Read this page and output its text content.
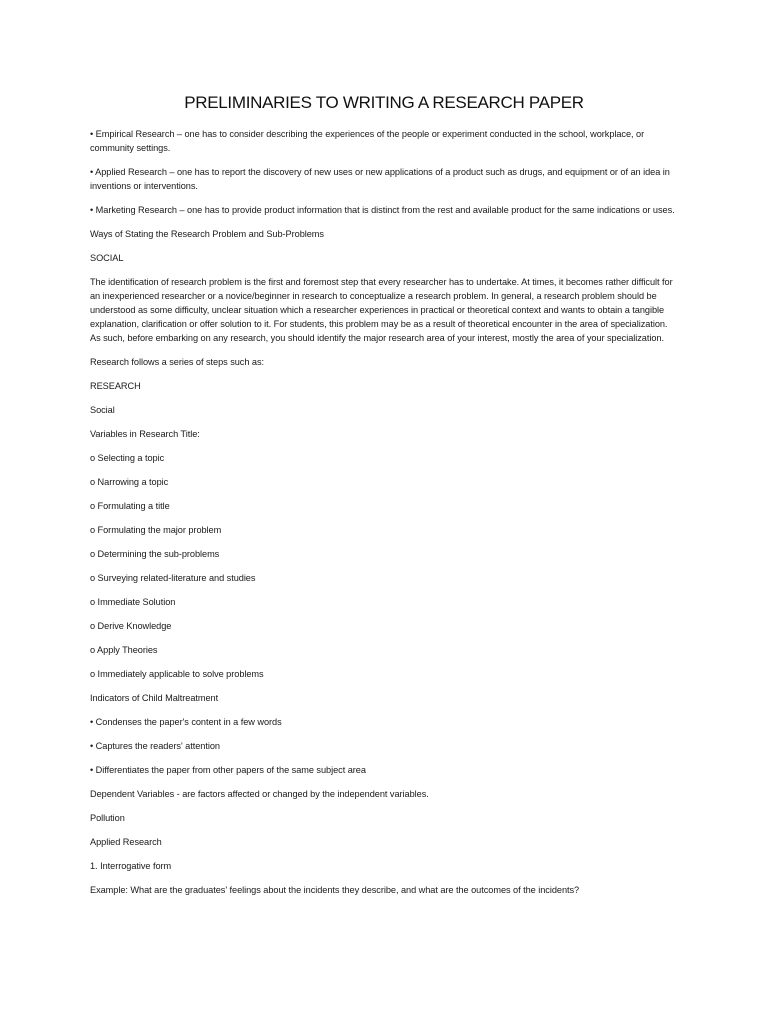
PRELIMINARIES TO WRITING A RESEARCH PAPER

• Empirical Research – one has to consider describing the experiences of the people or experiment conducted in the school, workplace, or community settings.

• Applied Research – one has to report the discovery of new uses or new applications of a product such as drugs, and equipment or of an idea in inventions or interventions.

• Marketing Research – one has to provide product information that is distinct from the rest and available product for the same indications or uses.

Ways of Stating the Research Problem and Sub-Problems

SOCIAL

The identification of research problem is the first and foremost step that every researcher has to undertake. At times, it becomes rather difficult for an inexperienced researcher or a novice/beginner in research to conceptualize a research problem. In general, a research problem should be understood as some difficulty, unclear situation which a researcher experiences in practical or theoretical context and wants to obtain a tangible explanation, clarification or offer solution to it. For students, this problem may be as a result of theoretical encounter in the area of specialization. As such, before embarking on any research, you should identify the major research area of your interest, mostly the area of your specialization.

Research follows a series of steps such as:

RESEARCH

Social

Variables in Research Title:

o Selecting a topic

o Narrowing a topic

o Formulating a title

o Formulating the major problem

o Determining the sub-problems

o Surveying related-literature and studies

o Immediate Solution

o Derive Knowledge

o Apply Theories

o Immediately applicable to solve problems

Indicators of Child Maltreatment

• Condenses the paper's content in a few words

• Captures the readers' attention

• Differentiates the paper from other papers of the same subject area

Dependent Variables - are factors affected or changed by the independent variables.

Pollution

Applied Research

1. Interrogative form

Example: What are the graduates' feelings about the incidents they describe, and what are the outcomes of the incidents?
